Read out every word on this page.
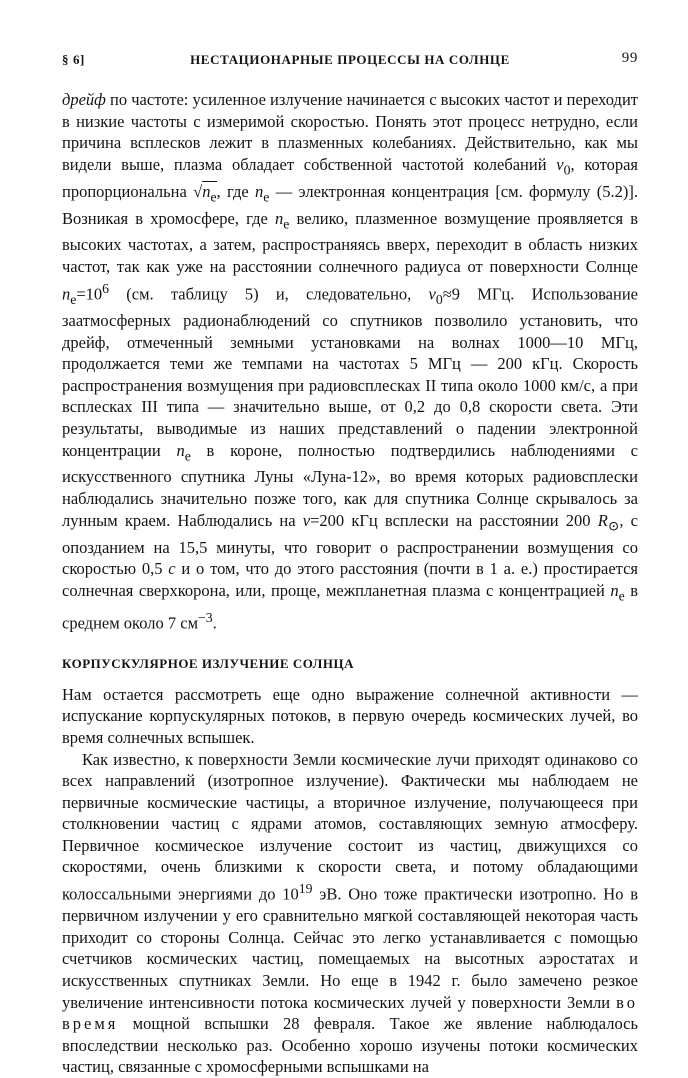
§ 6]	НЕСТАЦИОНАРНЫЕ ПРОЦЕССЫ НА СОЛНЦЕ	99

дрейф по частоте: усиленное излучение начинается с высоких частот и переходит в низкие частоты с измеримой скоростью. Понять этот процесс нетрудно, если причина всплесков лежит в плазменных колебаниях. Действительно, как мы видели выше, плазма обладает собственной частотой колебаний $\nu_0$, которая пропорциональна $√n_e$, где $n_e$ — электронная концентрация [см. формулу (5.2)]. Возникая в хромосфере, где $n_e$ велико, плазменное возмущение проявляется в высоких частотах, а затем, распространяясь вверх, переходит в область низких частот, так как уже на расстоянии солнечного радиуса от поверхности Солнце $n_e=10^6$ (см. таблицу 5) и, следовательно, $\nu_0\approx 9$ МГц. Использование заатмосферных радионаблюдений со спутников позволило установить, что дрейф, отмеченный земными установками на волнах 1000—10 МГц, продолжается теми же темпами на частотах 5 МГц — 200 кГц. Скорость распространения возмущения при радиовсплесках II типа около 1000 км/с, а при всплесках III типа — значительно выше, от 0,2 до 0,8 скорости света. Эти результаты, выводимые из наших представлений о падении электронной концентрации $n_e$ в короне, полностью подтвердились наблюдениями с искусственного спутника Луны «Луна-12», во время которых радиовсплески наблюдались значительно позже того, как для спутника Солнце скрывалось за лунным краем. Наблюдались на ν=200 кГц всплески на расстоянии 200 $R_⊙$, с опозданием на 15,5 минуты, что говорит о распространении возмущения со скоростью 0,5 c и о том, что до этого расстояния (почти в 1 а. е.) простирается солнечная сверхкорона, или, проще, межпланетная плазма с концентрацией $n_e$ в среднем около 7 $см^{-3}$.

КОРПУСКУЛЯРНОЕ ИЗЛУЧЕНИЕ СОЛНЦА

Нам остается рассмотреть еще одно выражение солнечной активности — испускание корпускулярных потоков, в первую очередь космических лучей, во время солнечных вспышек.

Как известно, к поверхности Земли космические лучи приходят одинаково со всех направлений (изотропное излучение). Фактически мы наблюдаем не первичные космические частицы, а вторичное излучение, получающееся при столкновении частиц с ядрами атомов, составляющих земную атмосферу. Первичное космическое излучение состоит из частиц, движущихся со скоростями, очень близкими к скорости света, и потому обладающими колоссальными энергиями до $10^{19}$ эВ. Оно тоже практически изотропно. Но в первичном излучении у его сравнительно мягкой составляющей некоторая часть приходит со стороны Солнца. Сейчас это легко устанавливается с помощью счетчиков космических частиц, помещаемых на высотных аэростатах и искусственных спутниках Земли. Но еще в 1942 г. было замечено резкое увеличение интенсивности потока космических лучей у поверхности Земли во время мощной вспышки 28 февраля. Такое же явление наблюдалось впоследствии несколько раз. Особенно хорошо изучены потоки космических частиц, связанные с хромосферными вспышками на
